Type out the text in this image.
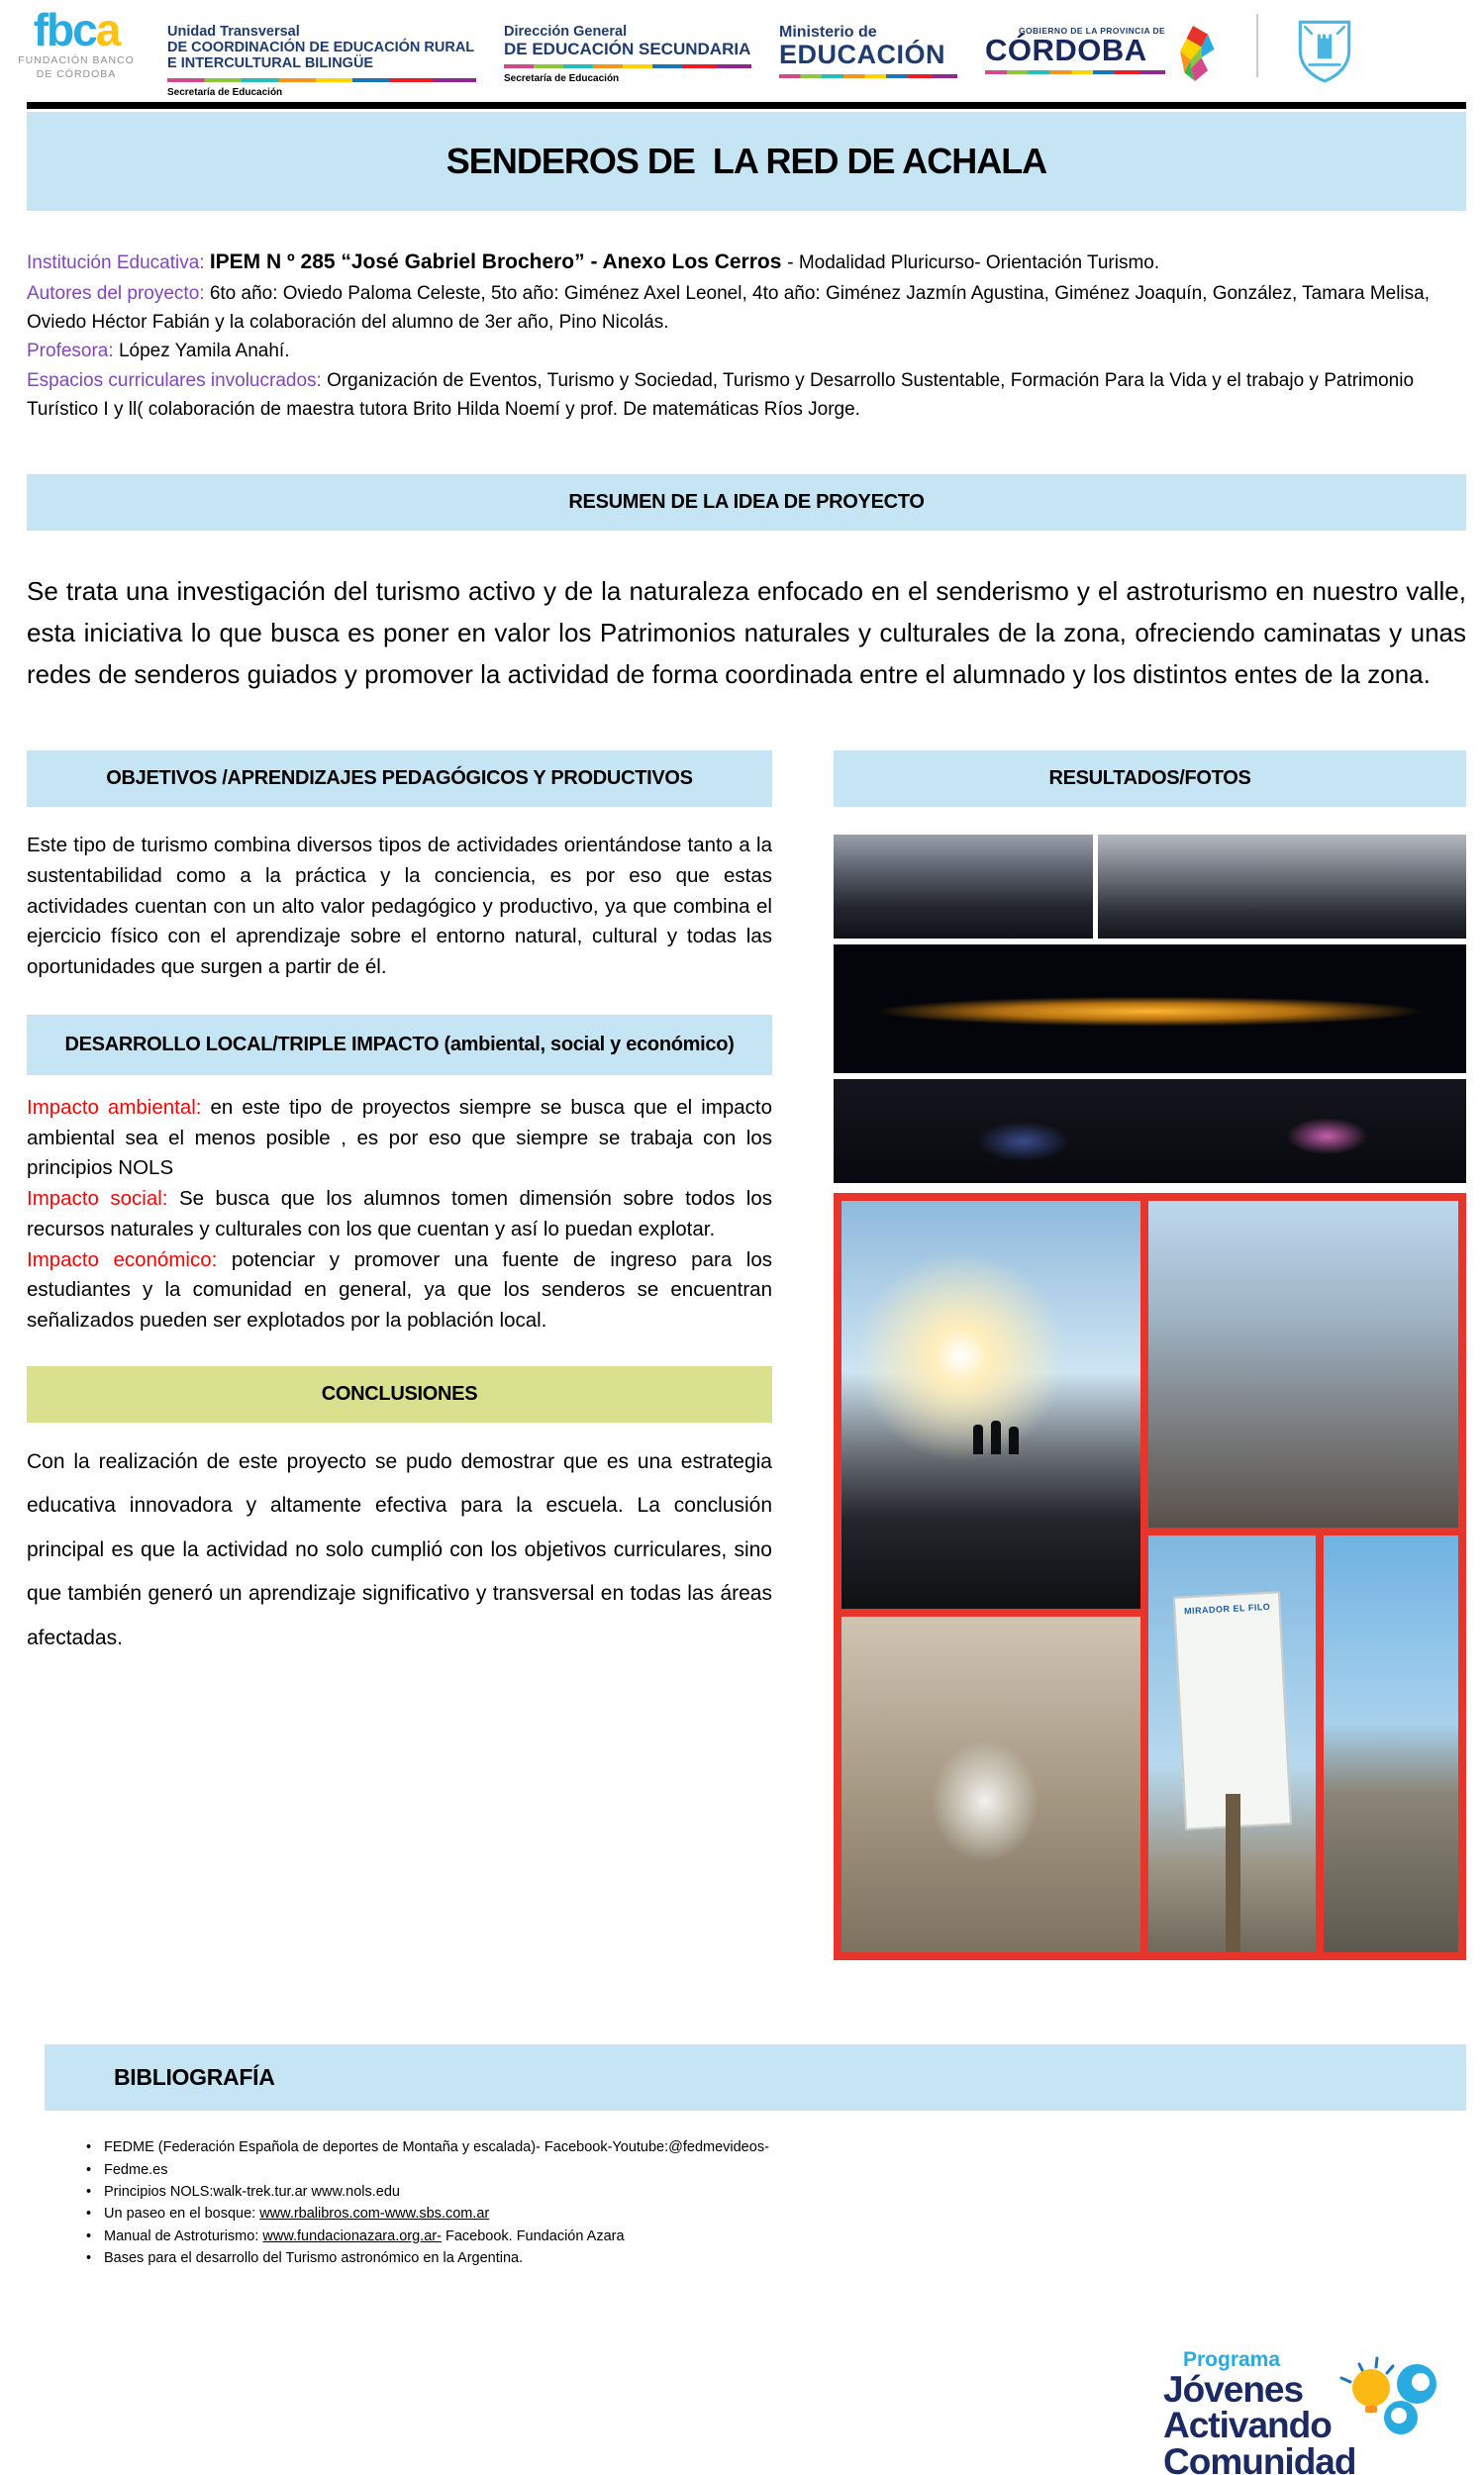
fbca
FUNDACIÓN BANCO
DE CÓRDOBA
Unidad Transversal
DE COORDINACIÓN DE EDUCACIÓN RURAL
E INTERCULTURAL BILINGÜE
Secretaría de Educación
Dirección General
DE EDUCACIÓN SECUNDARIA
Secretaría de Educación
Ministerio de
EDUCACIÓN
GOBIERNO DE LA PROVINCIA DE
CÓRDOBA
SENDEROS DE  LA RED DE ACHALA

Institución Educativa: IPEM N º 285 “José Gabriel Brochero” - Anexo Los Cerros - Modalidad Pluricurso- Orientación Turismo.

Autores del proyecto: 6to año: Oviedo Paloma Celeste, 5to año: Giménez Axel Leonel, 4to año: Giménez Jazmín Agustina, Giménez Joaquín, González, Tamara Melisa, Oviedo Héctor Fabián y la colaboración del alumno de 3er año, Pino Nicolás.

Profesora: López Yamila Anahí.

Espacios curriculares involucrados: Organización de Eventos, Turismo y Sociedad, Turismo y Desarrollo Sustentable, Formación Para la Vida y el trabajo y Patrimonio Turístico I y ll( colaboración de maestra tutora Brito Hilda Noemí y prof. De matemáticas Ríos Jorge.

RESUMEN DE LA IDEA DE PROYECTO

Se trata una investigación del turismo activo y de la naturaleza enfocado en el senderismo y el astroturismo en nuestro valle, esta iniciativa lo que busca es poner en valor los Patrimonios naturales y culturales de la zona, ofreciendo caminatas y unas redes de senderos guiados y promover la actividad de forma coordinada entre el alumnado y los distintos entes de la zona.

OBJETIVOS /APRENDIZAJES PEDAGÓGICOS Y PRODUCTIVOS

Este tipo de turismo combina diversos tipos de actividades orientándose tanto a la sustentabilidad como a la práctica y la conciencia, es por eso que estas actividades cuentan con un alto valor pedagógico y productivo, ya que combina el ejercicio físico con el aprendizaje sobre el entorno natural, cultural y todas las oportunidades que surgen a partir de él.

DESARROLLO LOCAL/TRIPLE IMPACTO (ambiental, social y económico)

Impacto ambiental: en este tipo de proyectos siempre se busca que el impacto ambiental sea el menos posible , es por eso que siempre se trabaja con los principios NOLS

Impacto social: Se busca que los alumnos tomen dimensión sobre todos los recursos naturales y culturales con los que cuentan y así lo puedan explotar.

Impacto económico: potenciar y promover una fuente de ingreso para los estudiantes y la comunidad en general, ya que los senderos se encuentran señalizados pueden ser explotados por la población local.

CONCLUSIONES

Con la realización de este proyecto se pudo demostrar que es una estrategia educativa innovadora y altamente efectiva para la escuela. La conclusión principal es que la actividad no solo cumplió con los objetivos curriculares, sino que también generó un aprendizaje significativo y transversal en todas las áreas afectadas.

RESULTADOS/FOTOS
MIRADOR EL FILO
BIBLIOGRAFÍA
• FEDME (Federación Española de deportes de Montaña y escalada)- Facebook-Youtube:@fedmevideos-
• Fedme.es
• Principios NOLS:walk-trek.tur.ar www.nols.edu
• Un paseo en el bosque: www.rbalibros.com-www.sbs.com.ar
• Manual de Astroturismo: www.fundacionazara.org.ar- Facebook. Fundación Azara
• Bases para el desarrollo del Turismo astronómico en la Argentina.
Programa
Jóvenes
Activando
Comunidad
